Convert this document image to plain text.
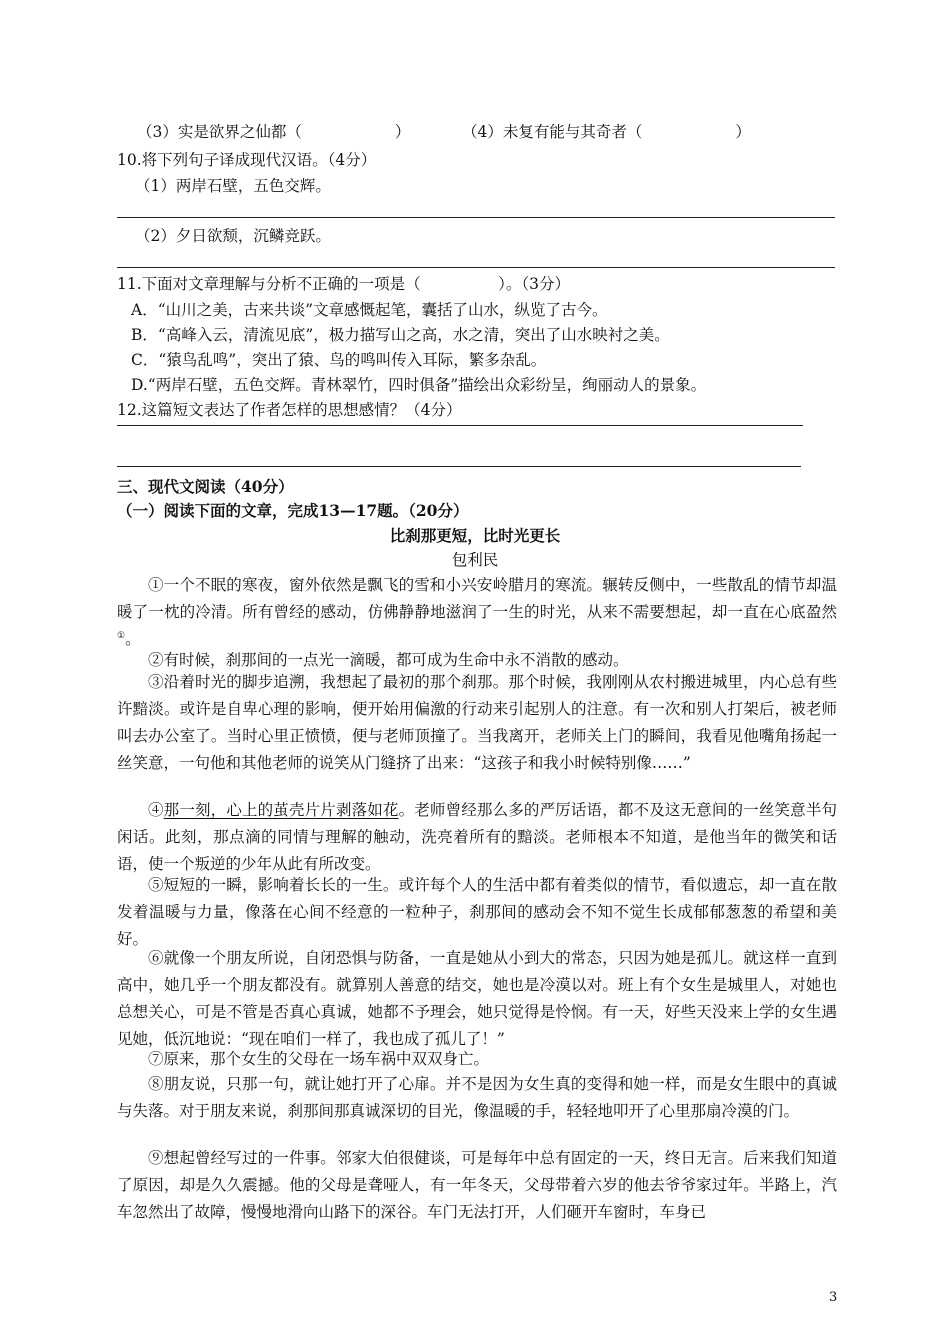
（3）实是欲界之仙都（　　　　　　）	（4）未复有能与其奇者（　　　　　　）
10.将下列句子译成现代汉语。（4分）
（1）两岸石壁，五色交辉。
（2）夕日欲颓，沉鳞竞跃。
11.下面对文章理解与分析不正确的一项是（　　　　　）。（3分）
A．“山川之美，古来共谈”文章感慨起笔，囊括了山水，纵览了古今。
B．“高峰入云，清流见底”，极力描写山之高，水之清，突出了山水映衬之美。
C．“猿鸟乱鸣”，突出了猿、鸟的鸣叫传入耳际，繁多杂乱。
D.“两岸石壁，五色交辉。青林翠竹，四时俱备”描绘出众彩纷呈，绚丽动人的景象。
12.这篇短文表达了作者怎样的思想感情？（4分）
三、现代文阅读（40分）
（一）阅读下面的文章，完成13—17题。（20分）
比刹那更短，比时光更长
包利民
①一个不眠的寒夜，窗外依然是飘飞的雪和小兴安岭腊月的寒流。辗转反侧中，一些散乱的情节却温暖了一枕的冷清。所有曾经的感动，仿佛静静地滋润了一生的时光，从来不需要想起，却一直在心底盈然①。
②有时候，刹那间的一点光一滴暖，都可成为生命中永不消散的感动。
③沿着时光的脚步追溯，我想起了最初的那个刹那。那个时候，我刚刚从农村搬进城里，内心总有些许黯淡。或许是自卑心理的影响，便开始用偏激的行动来引起别人的注意。有一次和别人打架后，被老师叫去办公室了。当时心里正愤愤，便与老师顶撞了。当我离开，老师关上门的瞬间，我看见他嘴角扬起一丝笑意，一句他和其他老师的说笑从门缝挤了出来：“这孩子和我小时候特别像……”
④那一刻，心上的茧壳片片剥落如花。老师曾经那么多的严厉话语，都不及这无意间的一丝笑意半句闲话。此刻，那点滴的同情与理解的触动，洗亮着所有的黯淡。老师根本不知道，是他当年的微笑和话语，使一个叛逆的少年从此有所改变。
⑤短短的一瞬，影响着长长的一生。或许每个人的生活中都有着类似的情节，看似遗忘，却一直在散发着温暖与力量，像落在心间不经意的一粒种子，刹那间的感动会不知不觉生长成郁郁葱葱的希望和美好。
⑥就像一个朋友所说，自闭恐惧与防备，一直是她从小到大的常态，只因为她是孤儿。就这样一直到高中，她几乎一个朋友都没有。就算别人善意的结交，她也是冷漠以对。班上有个女生是城里人，对她也总想关心，可是不管是否真心真诚，她都不予理会，她只觉得是怜悯。有一天，好些天没来上学的女生遇见她，低沉地说：“现在咱们一样了，我也成了孤儿了！”
⑦原来，那个女生的父母在一场车祸中双双身亡。
⑧朋友说，只那一句，就让她打开了心扉。并不是因为女生真的变得和她一样，而是女生眼中的真诚与失落。对于朋友来说，刹那间那真诚深切的目光，像温暖的手，轻轻地叩开了心里那扇冷漠的门。
⑨想起曾经写过的一件事。邻家大伯很健谈，可是每年中总有固定的一天，终日无言。后来我们知道了原因，却是久久震撼。他的父母是聋哑人，有一年冬天，父母带着六岁的他去爷爷家过年。半路上，汽车忽然出了故障，慢慢地滑向山路下的深谷。车门无法打开，人们砸开车窗时，车身已
3
